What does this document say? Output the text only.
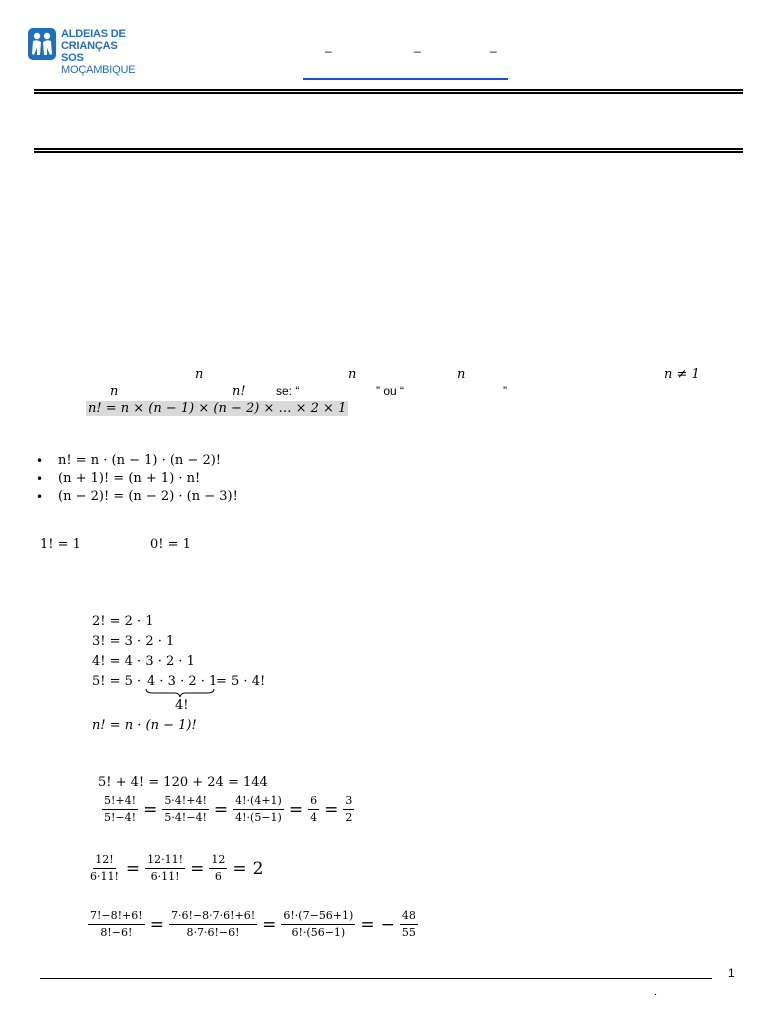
ALDEIAS DE
CRIANÇAS SOS
MOÇAMBIQUE
–	–	–
n	n	n	n ≠ 1
n	n!	se: “	” ou “	”
n! = n × (n − 1) × (n − 2) × … × 2 × 1
• n! = n · (n − 1) · (n − 2)!
• (n + 1)! = (n + 1) · n!
• (n − 2)! = (n − 2) · (n − 3)!
1! = 1	0! = 1
2! = 2 · 1
3! = 3 · 2 · 1
4! = 4 · 3 · 2 · 1
5! = 5 · 4 · 3 · 2 · 1
= 5 · 4!
4!
n! = n · (n − 1)!
5! + 4! = 120 + 24 = 144
$\frac{5!+4!}{5!-4!} = \frac{5\cdot 4!+4!}{5\cdot 4!-4!} = \frac{4!\cdot(4+1)}{4!\cdot(5-1)} = \frac{6}{4} = \frac{3}{2}$
$\frac{12!}{6\cdot 11!} = \frac{12\cdot 11!}{6\cdot 11!} = \frac{12}{6} = 2$
$\frac{7!-8!+6!}{8!-6!} = \frac{7\cdot 6!-8\cdot 7\cdot 6!+6!}{8\cdot 7\cdot 6!-6!} = \frac{6!\cdot(7-56+1)}{6!\cdot(56-1)}$ = − $\frac{48}{55}$
1
.
